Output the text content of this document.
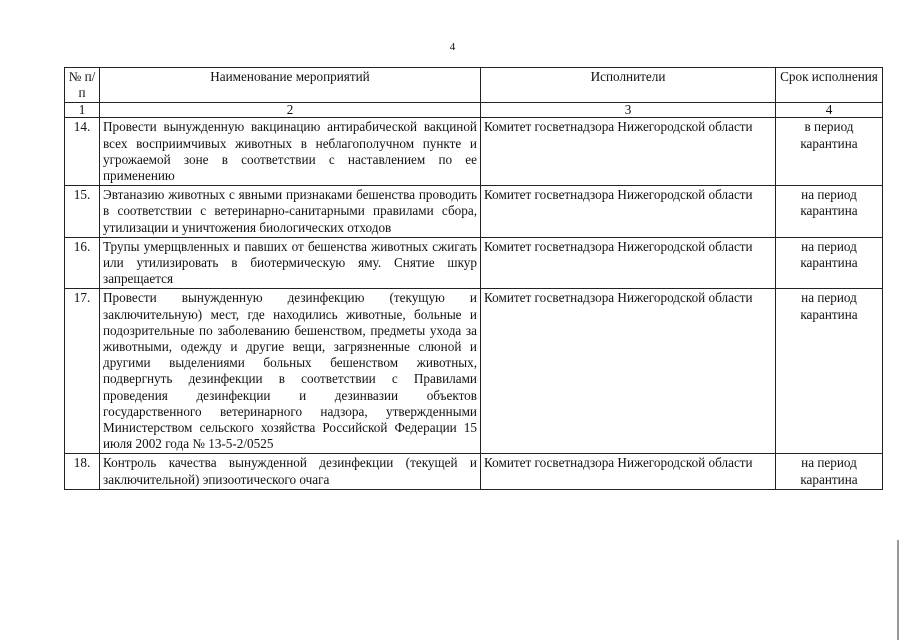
4
№ п/п	Наименование мероприятий	Исполнители	Срок исполнения
1	2	3	4
14.	Провести вынужденную вакцинацию антирабической вакциной всех восприимчивых животных в неблагополучном пункте и угрожаемой зоне в соответствии с наставлением по ее применению	Комитет госветнадзора Нижегородской области	в период карантина
15.	Эвтаназию животных с явными признаками бешенства проводить в соответствии с ветеринарно-санитарными правилами сбора, утилизации и уничтожения биологических отходов	Комитет госветнадзора Нижегородской области	на период карантина
16.	Трупы умерщвленных и павших от бешенства животных сжигать или утилизировать в биотермическую яму. Снятие шкур запрещается	Комитет госветнадзора Нижегородской области	на период карантина
17.	Провести вынужденную дезинфекцию (текущую и заключительную) мест, где находились животные, больные и подозрительные по заболеванию бешенством, предметы ухода за животными, одежду и другие вещи, загрязненные слюной и другими выделениями больных бешенством животных, подвергнуть дезинфекции в соответствии с Правилами проведения дезинфекции и дезинвазии объектов государственного ветеринарного надзора, утвержденными Министерством сельского хозяйства Российской Федерации 15 июля 2002 года № 13-5-2/0525	Комитет госветнадзора Нижегородской области	на период карантина
18.	Контроль качества вынужденной дезинфекции (текущей и заключительной) эпизоотического очага	Комитет госветнадзора Нижегородской области	на период карантина
